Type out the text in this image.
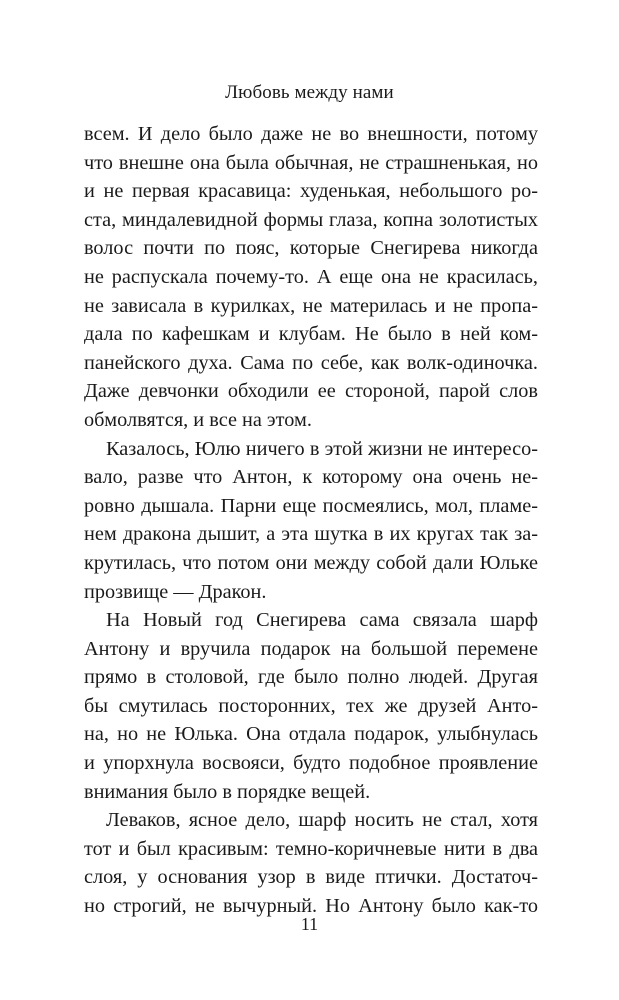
Любовь между нами
всем. И дело было даже не во внешности, потому
что внешне она была обычная, не страшненькая, но
и не первая красавица: худенькая, небольшого ро-
ста, миндалевидной формы глаза, копна золотистых
волос почти по пояс, которые Снегирева никогда
не распускала почему-то. А еще она не красилась,
не зависала в курилках, не материлась и не пропа-
дала по кафешкам и клубам. Не было в ней ком-
панейского духа. Сама по себе, как волк-одиночка.
Даже девчонки обходили ее стороной, парой слов
обмолвятся, и все на этом.
Казалось, Юлю ничего в этой жизни не интересо-
вало, разве что Антон, к которому она очень не-
ровно дышала. Парни еще посмеялись, мол, пламе-
нем дракона дышит, а эта шутка в их кругах так за-
крутилась, что потом они между собой дали Юльке
прозвище — Дракон.
На Новый год Снегирева сама связала шарф
Антону и вручила подарок на большой перемене
прямо в столовой, где было полно людей. Другая
бы смутилась посторонних, тех же друзей Анто-
на, но не Юлька. Она отдала подарок, улыбнулась
и упорхнула восвояси, будто подобное проявление
внимания было в порядке вещей.
Леваков, ясное дело, шарф носить не стал, хотя
тот и был красивым: темно-коричневые нити в два
слоя, у основания узор в виде птички. Достаточ-
но строгий, не вычурный. Но Антону было как-то
11
